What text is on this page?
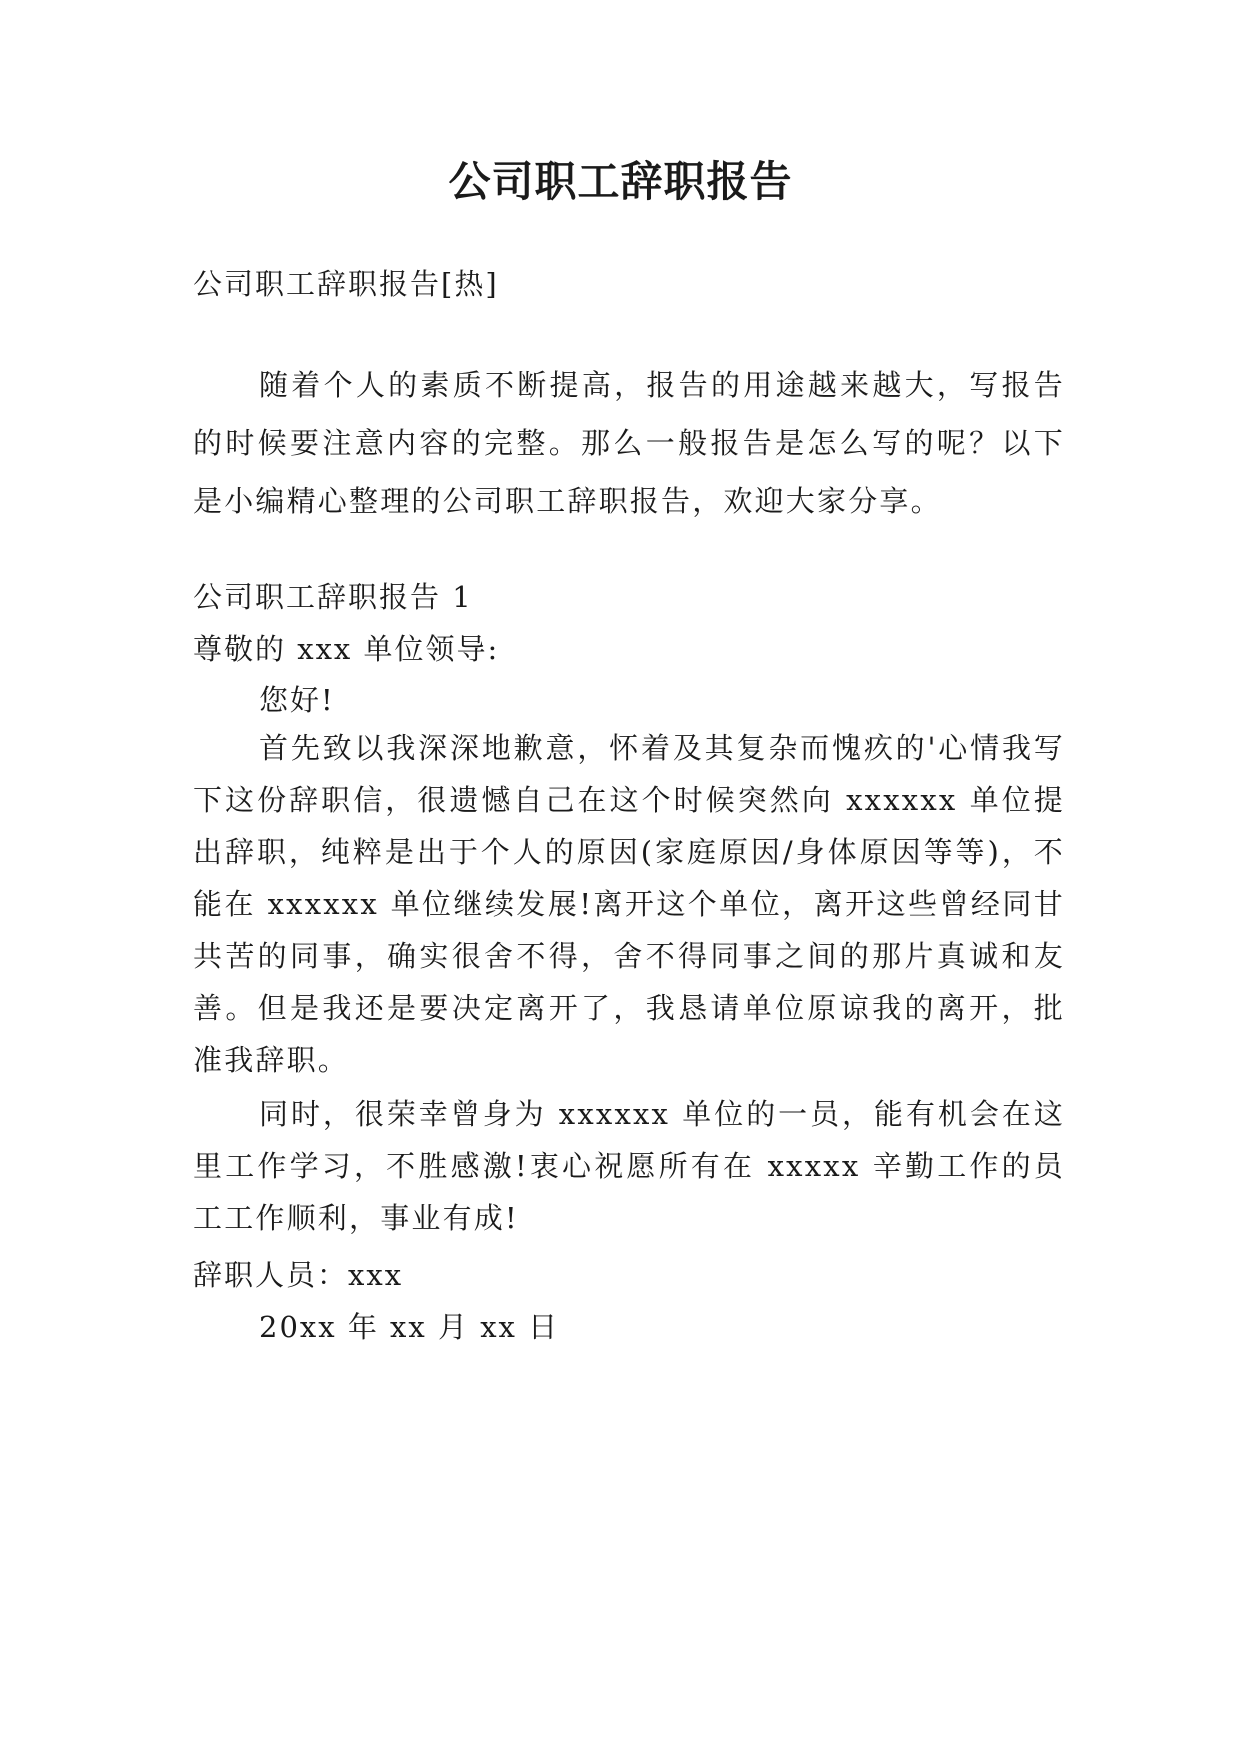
公司职工辞职报告

公司职工辞职报告[热]

随着个人的素质不断提高，报告的用途越来越大，写报告的时候要注意内容的完整。那么一般报告是怎么写的呢？以下是小编精心整理的公司职工辞职报告，欢迎大家分享。

公司职工辞职报告 1

尊敬的 xxx 单位领导:

您好!

首先致以我深深地歉意，怀着及其复杂而愧疚的'心情我写下这份辞职信，很遗憾自己在这个时候突然向 xxxxxx 单位提出辞职，纯粹是出于个人的原因(家庭原因/身体原因等等)，不能在 xxxxxx 单位继续发展!离开这个单位，离开这些曾经同甘共苦的同事，确实很舍不得，舍不得同事之间的那片真诚和友善。但是我还是要决定离开了，我恳请单位原谅我的离开，批准我辞职。

同时，很荣幸曾身为 xxxxxx 单位的一员，能有机会在这里工作学习，不胜感激!衷心祝愿所有在 xxxxx 辛勤工作的员工工作顺利，事业有成!

辞职人员：xxx

20xx 年 xx 月 xx 日
